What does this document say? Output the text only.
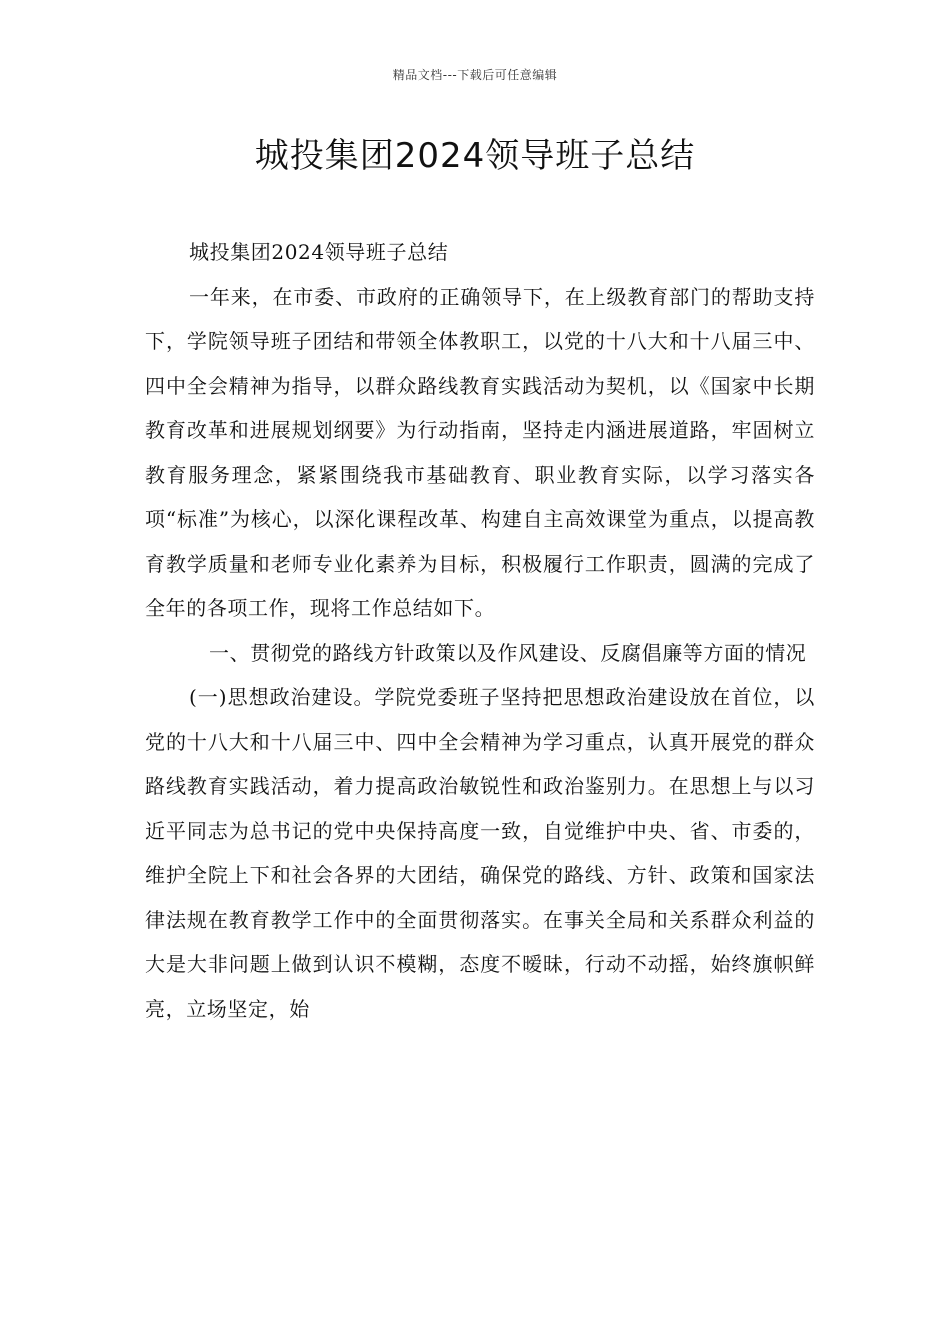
精品文档---下载后可任意编辑
城投集团2024领导班子总结

城投集团2024领导班子总结

一年来，在市委、市政府的正确领导下，在上级教育部门的帮助支持下，学院领导班子团结和带领全体教职工，以党的十八大和十八届三中、四中全会精神为指导，以群众路线教育实践活动为契机，以《国家中长期教育改革和进展规划纲要》为行动指南，坚持走内涵进展道路，牢固树立教育服务理念，紧紧围绕我市基础教育、职业教育实际，以学习落实各项“标准”为核心，以深化课程改革、构建自主高效课堂为重点，以提高教育教学质量和老师专业化素养为目标，积极履行工作职责，圆满的完成了全年的各项工作，现将工作总结如下。

一、贯彻党的路线方针政策以及作风建设、反腐倡廉等方面的情况

(一)思想政治建设。学院党委班子坚持把思想政治建设放在首位，以党的十八大和十八届三中、四中全会精神为学习重点，认真开展党的群众路线教育实践活动，着力提高政治敏锐性和政治鉴别力。在思想上与以习近平同志为总书记的党中央保持高度一致，自觉维护中央、省、市委的，维护全院上下和社会各界的大团结，确保党的路线、方针、政策和国家法律法规在教育教学工作中的全面贯彻落实。在事关全局和关系群众利益的大是大非问题上做到认识不模糊，态度不暧昧，行动不动摇，始终旗帜鲜亮，立场坚定，始
